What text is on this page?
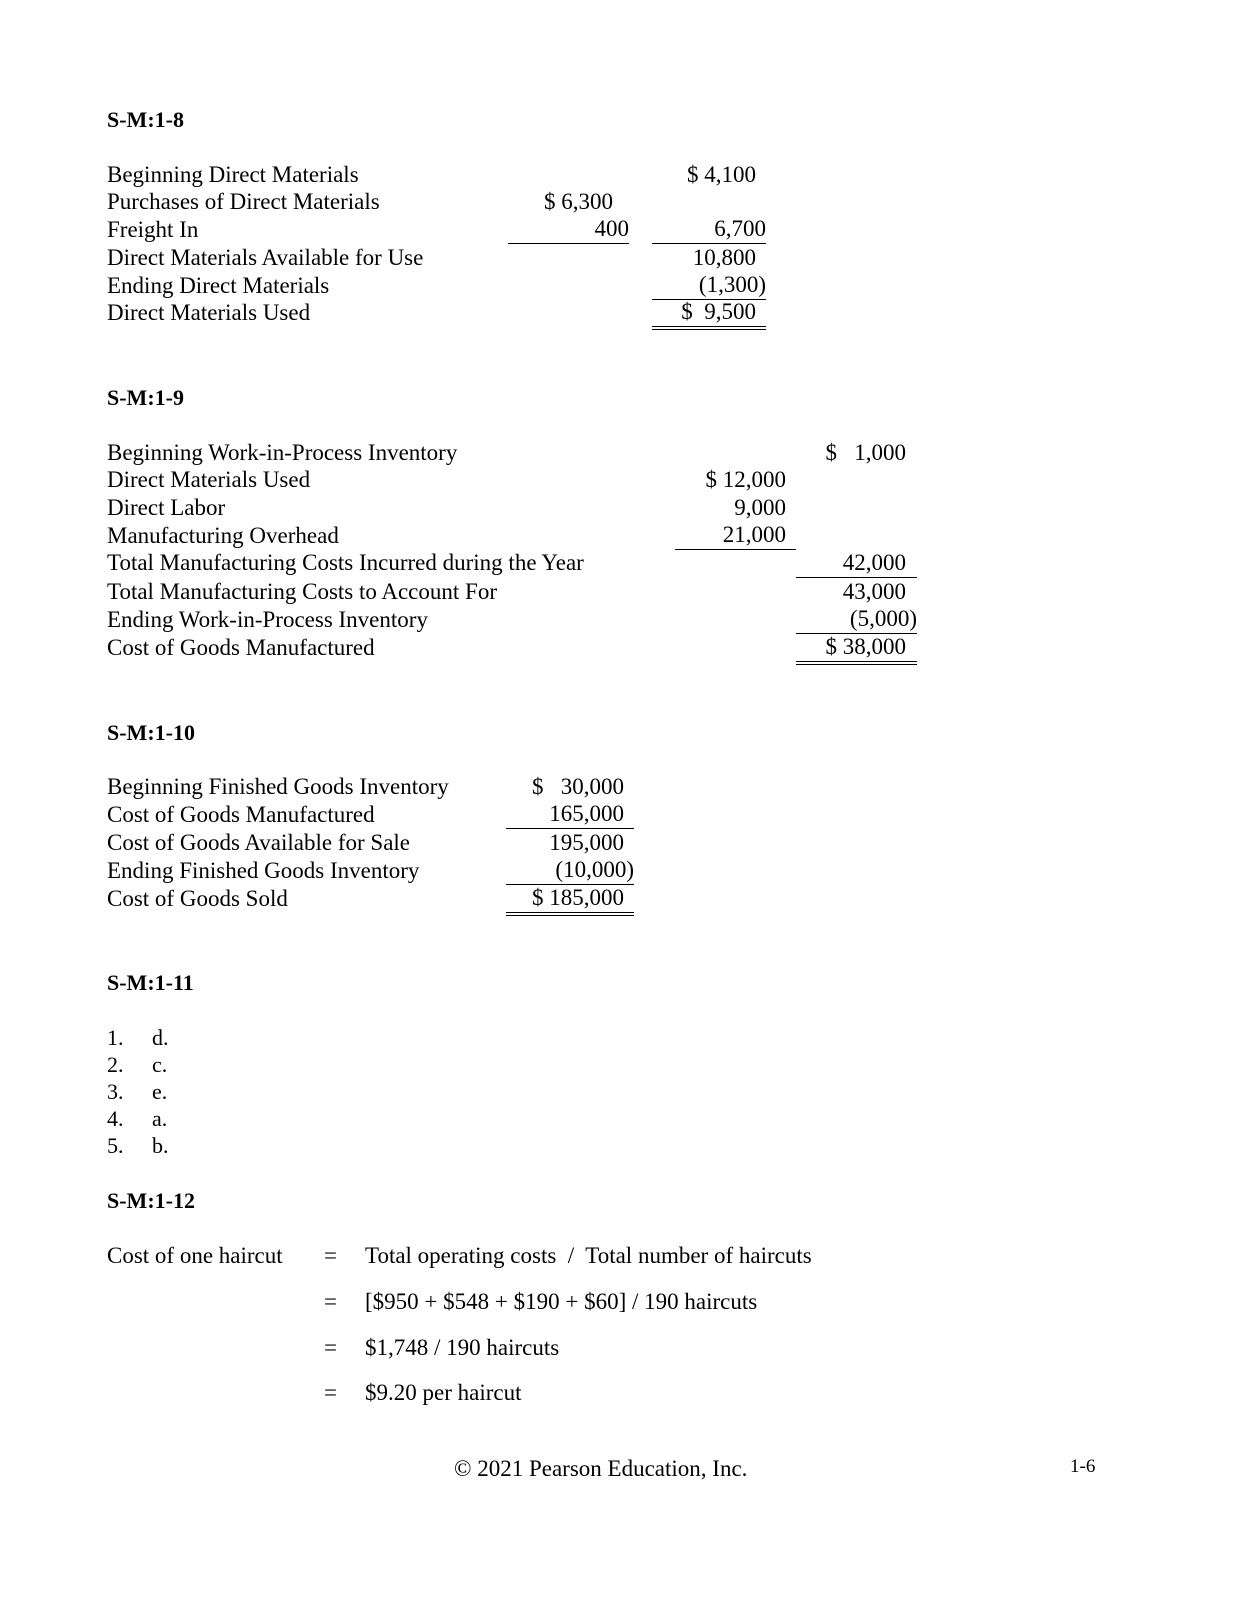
S-M:1-8
Beginning Direct Materials
Purchases of Direct Materials
Freight In
Direct Materials Available for Use
Ending Direct Materials
Direct Materials Used
$ 6,300
400
$ 4,100
6,700
10,800
(1,300)
$  9,500
S-M:1-9
Beginning Work-in-Process Inventory
Direct Materials Used
Direct Labor
Manufacturing Overhead
Total Manufacturing Costs Incurred during the Year
Total Manufacturing Costs to Account For
Ending Work-in-Process Inventory
Cost of Goods Manufactured
$ 12,000
9,000
21,000
$   1,000
42,000
43,000
(5,000)
$ 38,000
S-M:1-10
Beginning Finished Goods Inventory
Cost of Goods Manufactured
Cost of Goods Available for Sale
Ending Finished Goods Inventory
Cost of Goods Sold
$   30,000
165,000
195,000
(10,000)
$ 185,000
S-M:1-11
1. d.
2. c.
3. e.
4. a.
5. b.
S-M:1-12
Cost of one haircut = Total operating costs  /  Total number of haircuts
= [$950 + $548 + $190 + $60] / 190 haircuts
= $1,748 / 190 haircuts
= $9.20 per haircut
© 2021 Pearson Education, Inc.	1-6
